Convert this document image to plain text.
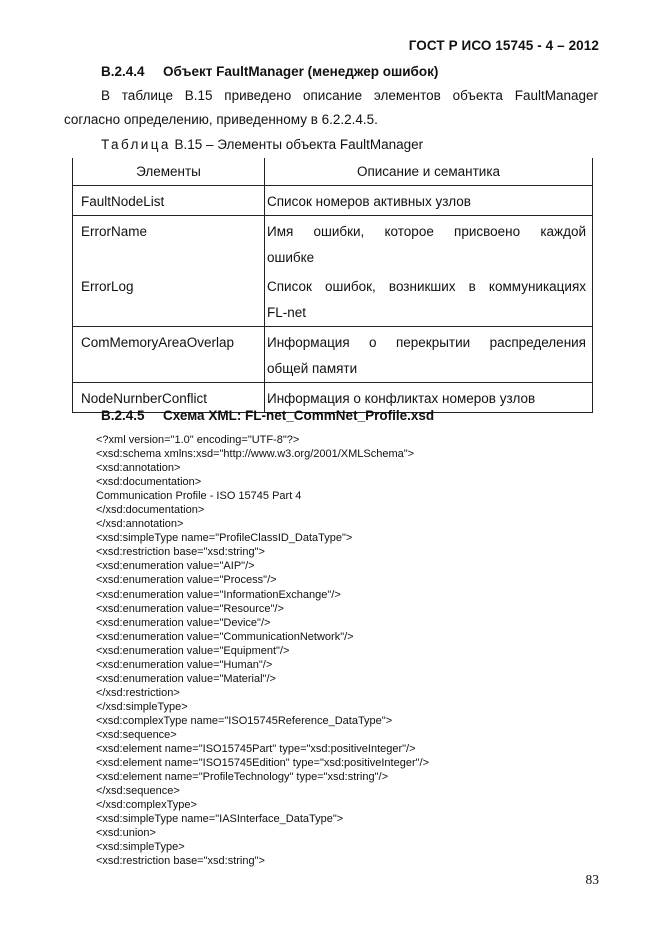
ГОСТ Р ИСО 15745 - 4 – 2012
B.2.4.4 Объект FaultManager (менеджер ошибок)
В таблице В.15 приведено описание элементов объекта FaultManager
согласно определению, приведенному в 6.2.2.4.5.
Таблица В.15 – Элементы объекта FaultManager
Элементы	Описание и семантика
FaultNodeList	Список номеров активных узлов

ErrorName	Имя ошибки, которое присвоено каждой
ошибке

ErrorLog	Список ошибок, возникших в коммуникациях
FL-net

ComMemoryAreaOverlap	Информация о перекрытии распределения
общей памяти

NodeNurnberConflict	Информация о конфликтах номеров узлов
B.2.4.5 Схема XML: FL-net_CommNet_Profile.xsd
<?xml version="1.0" encoding="UTF-8"?>
<xsd:schema xmlns:xsd="http://www.w3.org/2001/XMLSchema">
<xsd:annotation>
<xsd:documentation>
Communication Profile - ISO 15745 Part 4
</xsd:documentation>
</xsd:annotation>
<xsd:simpleType name="ProfileClassID_DataType">
<xsd:restriction base="xsd:string">
<xsd:enumeration value="AIP"/>
<xsd:enumeration value="Process"/>
<xsd:enumeration value="InformationExchange"/>
<xsd:enumeration value="Resource"/>
<xsd:enumeration value="Device"/>
<xsd:enumeration value="CommunicationNetwork"/>
<xsd:enumeration value="Equipment"/>
<xsd:enumeration value="Human"/>
<xsd:enumeration value="Material"/>
</xsd:restriction>
</xsd:simpleType>
<xsd:complexType name="ISO15745Reference_DataType">
<xsd:sequence>
<xsd:element name="ISO15745Part" type="xsd:positiveInteger"/>
<xsd:element name="ISO15745Edition" type="xsd:positiveInteger"/>
<xsd:element name="ProfileTechnology" type="xsd:string"/>
</xsd:sequence>
</xsd:complexType>
<xsd:simpleType name="IASInterface_DataType">
<xsd:union>
<xsd:simpleType>
<xsd:restriction base="xsd:string">
83
